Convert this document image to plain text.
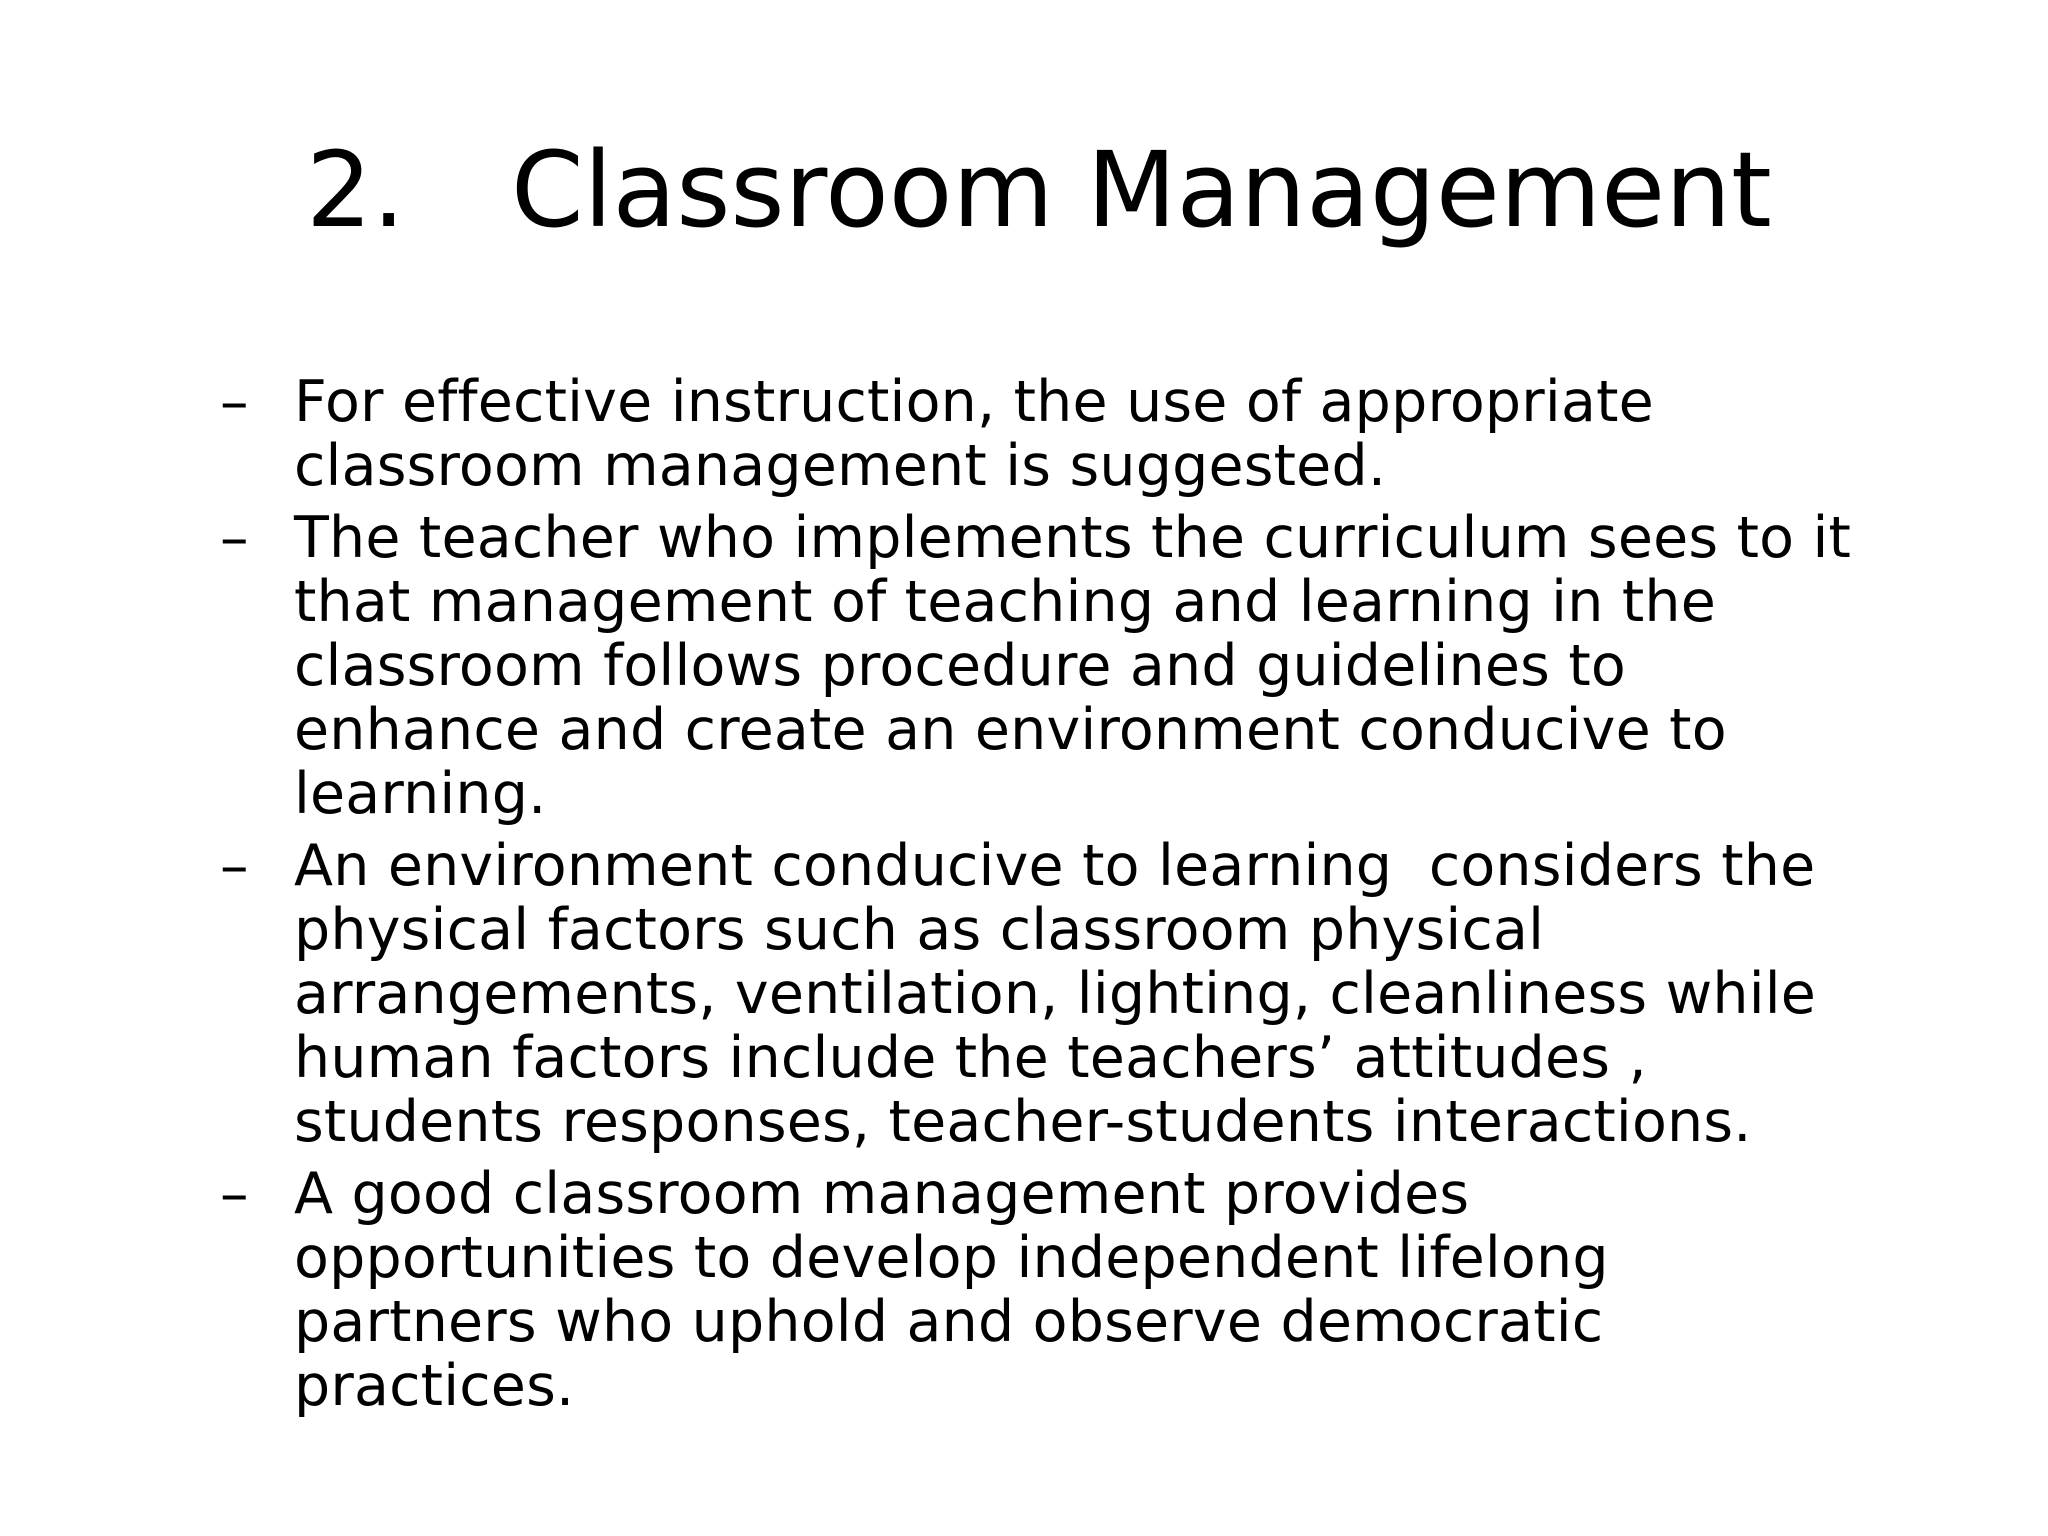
2.	Classroom Management
– For effective instruction, the use of appropriate
classroom management is suggested.
– The teacher who implements the curriculum sees to it
that management of teaching and learning in the
classroom follows procedure and guidelines to
enhance and create an environment conducive to
learning.
– An environment conducive to learning  considers the
physical factors such as classroom physical
arrangements, ventilation, lighting, cleanliness while
human factors include the teachers’ attitudes ,
students responses, teacher-students interactions.
– A good classroom management provides
opportunities to develop independent lifelong
partners who uphold and observe democratic
practices.
